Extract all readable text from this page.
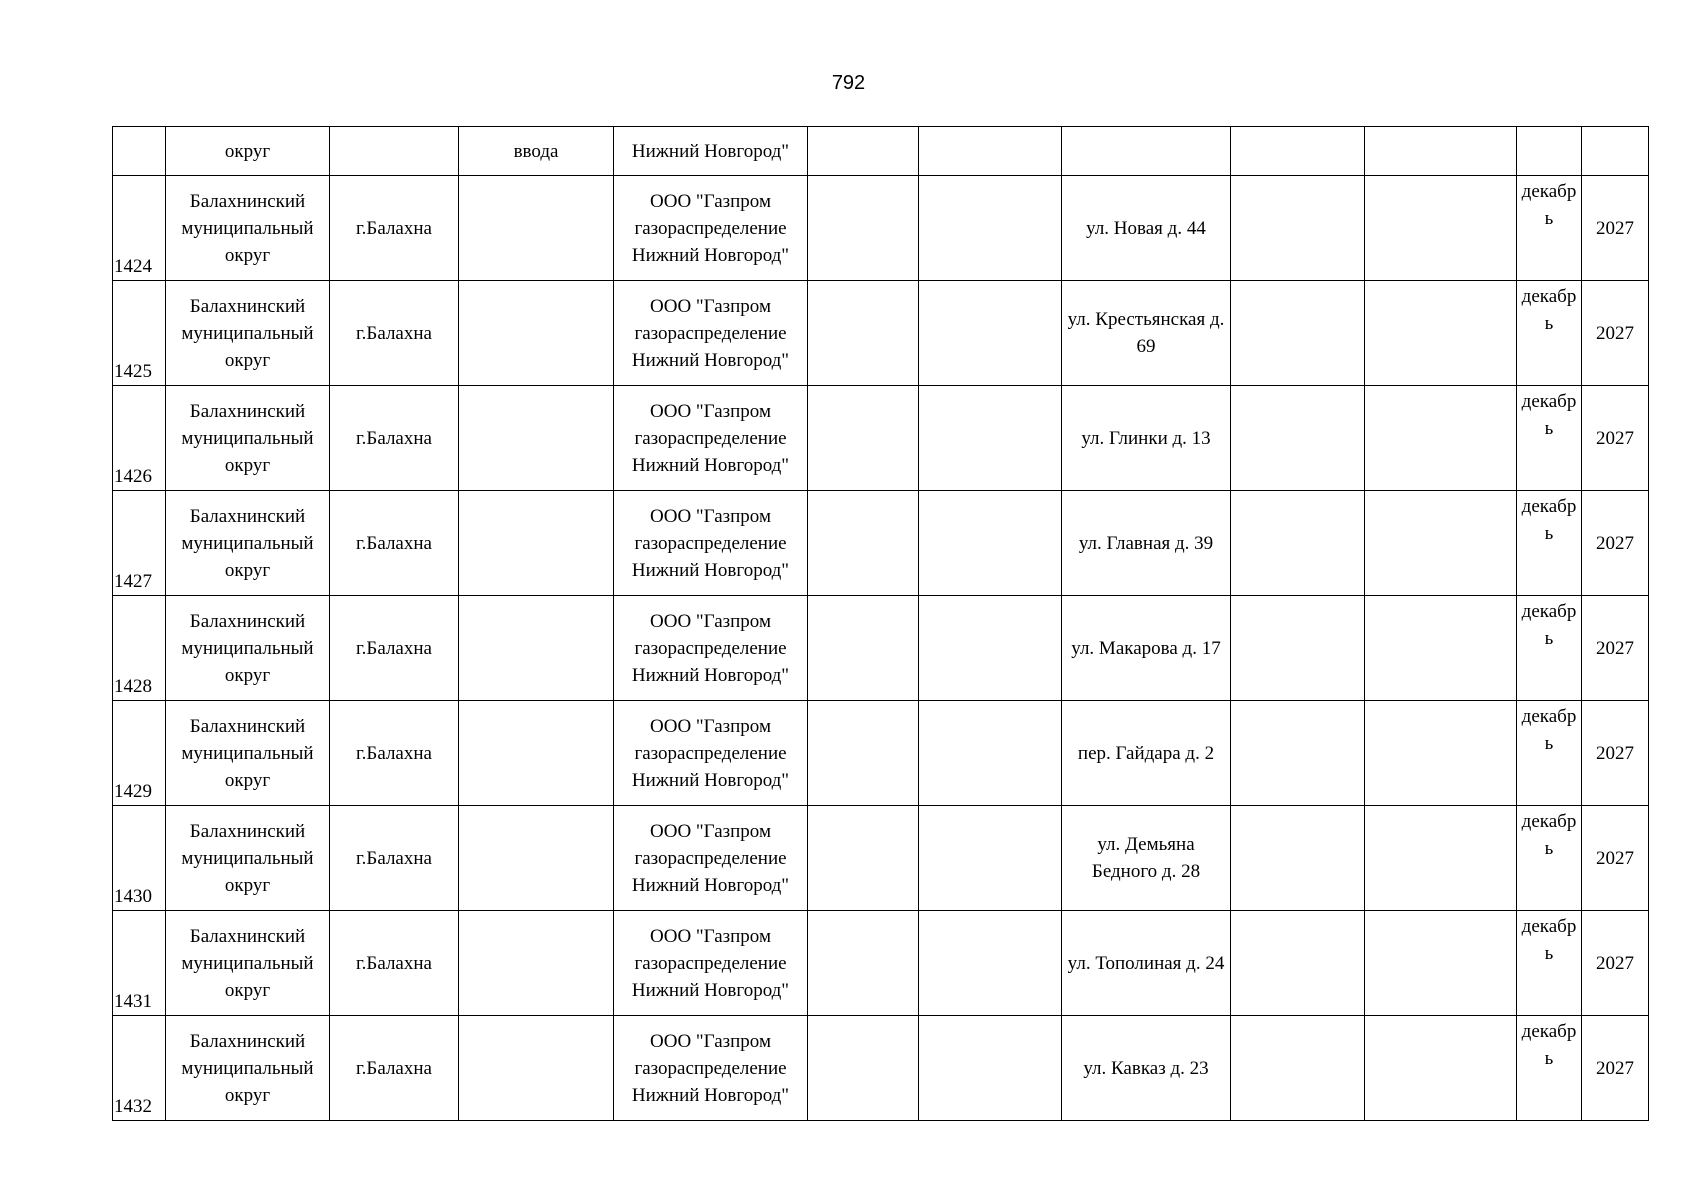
792
	округ		ввода	Нижний Новгород"							
1424	Балахнинский муниципальный округ	г.Балахна		ООО "Газпром газораспределение Нижний Новгород"			ул. Новая д. 44			декабрь	2027
1425	Балахнинский муниципальный округ	г.Балахна		ООО "Газпром газораспределение Нижний Новгород"			ул. Крестьянская д. 69			декабрь	2027
1426	Балахнинский муниципальный округ	г.Балахна		ООО "Газпром газораспределение Нижний Новгород"			ул. Глинки д. 13			декабрь	2027
1427	Балахнинский муниципальный округ	г.Балахна		ООО "Газпром газораспределение Нижний Новгород"			ул. Главная д. 39			декабрь	2027
1428	Балахнинский муниципальный округ	г.Балахна		ООО "Газпром газораспределение Нижний Новгород"			ул. Макарова д. 17			декабрь	2027
1429	Балахнинский муниципальный округ	г.Балахна		ООО "Газпром газораспределение Нижний Новгород"			пер. Гайдара д. 2			декабрь	2027
1430	Балахнинский муниципальный округ	г.Балахна		ООО "Газпром газораспределение Нижний Новгород"			ул. Демьяна Бедного д. 28			декабрь	2027
1431	Балахнинский муниципальный округ	г.Балахна		ООО "Газпром газораспределение Нижний Новгород"			ул. Тополиная д. 24			декабрь	2027
1432	Балахнинский муниципальный округ	г.Балахна		ООО "Газпром газораспределение Нижний Новгород"			ул. Кавказ д. 23			декабрь	2027
